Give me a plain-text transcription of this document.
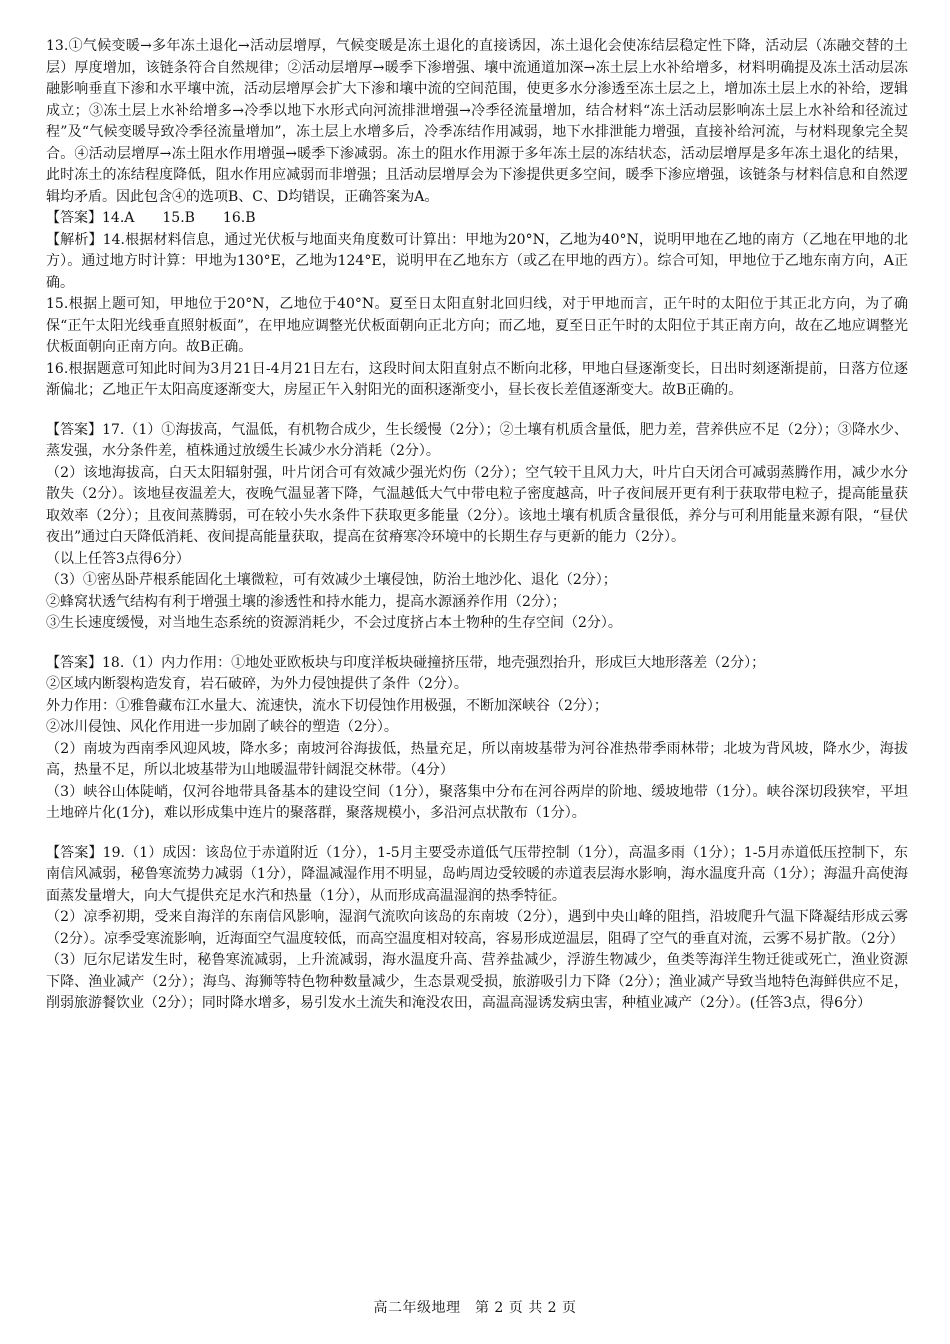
13.①气候变暖→多年冻土退化→活动层增厚，气候变暖是冻土退化的直接诱因，冻土退化会使冻结层稳定性下降，活动层（冻融交替的土层）厚度增加，该链条符合自然规律；②活动层增厚→暖季下渗增强、壤中流通道加深→冻土层上水补给增多，材料明确提及冻土活动层冻融影响垂直下渗和水平壤中流，活动层增厚会扩大下渗和壤中流的空间范围，使更多水分渗透至冻土层之上，增加冻土层上水的补给，逻辑成立；③冻土层上水补给增多→冷季以地下水形式向河流排泄增强→冷季径流量增加，结合材料“冻土活动层影响冻土层上水补给和径流过程”及“气候变暖导致冷季径流量增加”，冻土层上水增多后，冷季冻结作用减弱，地下水排泄能力增强，直接补给河流，与材料现象完全契合。④活动层增厚→冻土阻水作用增强→暖季下渗减弱。冻土的阻水作用源于多年冻土层的冻结状态，活动层增厚是多年冻土退化的结果，此时冻土的冻结程度降低，阻水作用应减弱而非增强；且活动层增厚会为下渗提供更多空间，暖季下渗应增强，该链条与材料信息和自然逻辑均矛盾。因此包含④的选项B、C、D均错误，正确答案为A。

【答案】14.A　　15.B　　16.B

【解析】14.根据材料信息，通过光伏板与地面夹角度数可计算出：甲地为20°N，乙地为40°N，说明甲地在乙地的南方（乙地在甲地的北方）。通过地方时计算：甲地为130°E，乙地为124°E，说明甲在乙地东方（或乙在甲地的西方）。综合可知，甲地位于乙地东南方向，A正确。

15.根据上题可知，甲地位于20°N，乙地位于40°N。夏至日太阳直射北回归线，对于甲地而言，正午时的太阳位于其正北方向，为了确保“正午太阳光线垂直照射板面”，在甲地应调整光伏板面朝向正北方向；而乙地，夏至日正午时的太阳位于其正南方向，故在乙地应调整光伏板面朝向正南方向。故B正确。

16.根据题意可知此时间为3月21日-4月21日左右，这段时间太阳直射点不断向北移，甲地白昼逐渐变长，日出时刻逐渐提前，日落方位逐渐偏北；乙地正午太阳高度逐渐变大，房屋正午入射阳光的面积逐渐变小，昼长夜长差值逐渐变大。故B正确的。

【答案】17.（1）①海拔高，气温低，有机物合成少，生长缓慢（2分）；②土壤有机质含量低，肥力差，营养供应不足（2分）；③降水少、蒸发强，水分条件差，植株通过放缓生长减少水分消耗（2分）。

（2）该地海拔高，白天太阳辐射强，叶片闭合可有效减少强光灼伤（2分）；空气较干且风力大，叶片白天闭合可减弱蒸腾作用，减少水分散失（2分）。该地昼夜温差大，夜晚气温显著下降，气温越低大气中带电粒子密度越高，叶子夜间展开更有利于获取带电粒子，提高能量获取效率（2分）；且夜间蒸腾弱，可在较小失水条件下获取更多能量（2分）。该地土壤有机质含量很低，养分与可利用能量来源有限，“昼伏夜出”通过白天降低消耗、夜间提高能量获取，提高在贫瘠寒冷环境中的长期生存与更新的能力（2分）。

（以上任答3点得6分）

（3）①密丛卧芹根系能固化土壤微粒，可有效减少土壤侵蚀，防治土地沙化、退化（2分）；

②蜂窝状透气结构有利于增强土壤的渗透性和持水能力，提高水源涵养作用（2分）；

③生长速度缓慢，对当地生态系统的资源消耗少，不会过度挤占本土物种的生存空间（2分）。

【答案】18.（1）内力作用：①地处亚欧板块与印度洋板块碰撞挤压带，地壳强烈抬升，形成巨大地形落差（2分）；

②区域内断裂构造发育，岩石破碎，为外力侵蚀提供了条件（2分）。

外力作用：①雅鲁藏布江水量大、流速快，流水下切侵蚀作用极强，不断加深峡谷（2分）；

②冰川侵蚀、风化作用进一步加剧了峡谷的塑造（2分）。

（2）南坡为西南季风迎风坡，降水多；南坡河谷海拔低，热量充足，所以南坡基带为河谷准热带季雨林带；北坡为背风坡，降水少，海拔高，热量不足，所以北坡基带为山地暖温带针阔混交林带。（4分）

（3）峡谷山体陡峭，仅河谷地带具备基本的建设空间（1分），聚落集中分布在河谷两岸的阶地、缓坡地带（1分）。峡谷深切段狭窄，平坦土地碎片化(1分)，难以形成集中连片的聚落群，聚落规模小，多沿河点状散布（1分）。

【答案】19.（1）成因：该岛位于赤道附近（1分），1-5月主要受赤道低气压带控制（1分），高温多雨（1分）；1-5月赤道低压控制下，东南信风减弱，秘鲁寒流势力减弱（1分），降温减湿作用不明显，岛屿周边受较暖的赤道表层海水影响，海水温度升高（1分）；海温升高使海面蒸发量增大，向大气提供充足水汽和热量（1分），从而形成高温湿润的热季特征。

（2）凉季初期，受来自海洋的东南信风影响，湿润气流吹向该岛的东南坡（2分），遇到中央山峰的阻挡，沿坡爬升气温下降凝结形成云雾（2分）。凉季受寒流影响，近海面空气温度较低，而高空温度相对较高，容易形成逆温层，阻碍了空气的垂直对流，云雾不易扩散。（2分）

（3）厄尔尼诺发生时，秘鲁寒流减弱，上升流减弱，海水温度升高、营养盐减少，浮游生物减少，鱼类等海洋生物迁徙或死亡，渔业资源下降、渔业减产（2分）；海鸟、海狮等特色物种数量减少，生态景观受损，旅游吸引力下降（2分）；渔业减产导致当地特色海鲜供应不足，削弱旅游餐饮业（2分）；同时降水增多，易引发水土流失和淹没农田，高温高湿诱发病虫害，种植业减产（2分）。(任答3点，得6分）

高二年级地理　第 2 页 共 2 页
